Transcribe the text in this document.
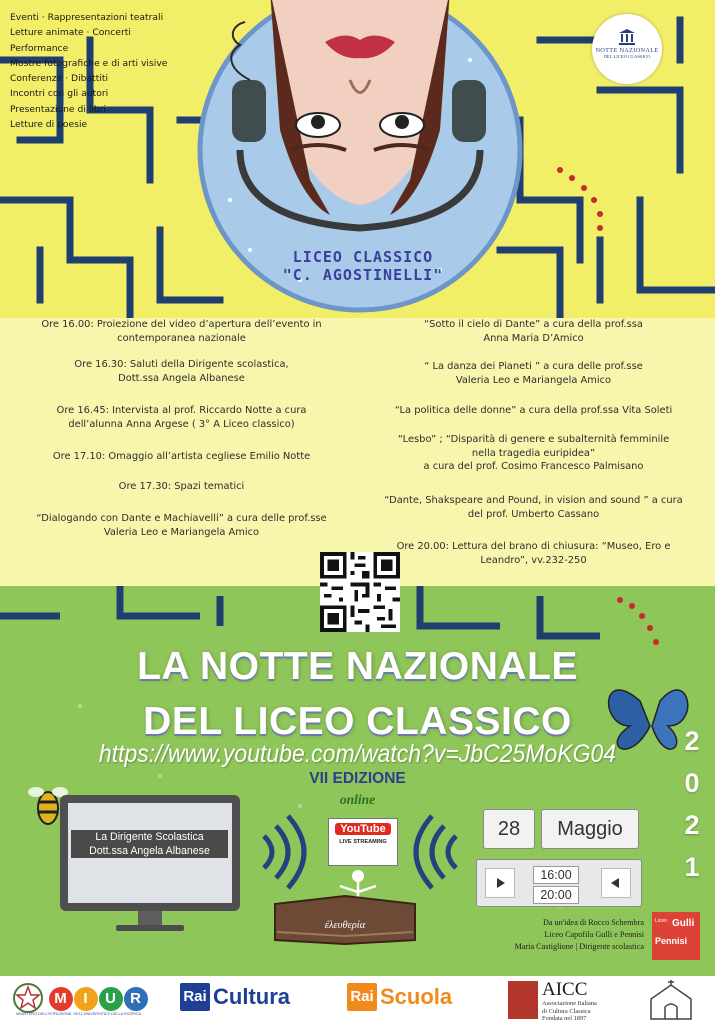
Eventi · Rappresentazioni teatrali
Letture animate · Concerti
Performance
Mostre fotografiche e di arti visive
Conferenze · Dibattiti
Incontri con gli autori
Presentazione di libri
Letture di poesie
NOTTE NAZIONALE
DEL LICEO CLASSICO
LICEO CLASSICO
"C. AGOSTINELLI"
Ore 16.00: Proiezione del video d’apertura dell’evento in
contemporanea nazionale
Ore 16.30: Saluti della Dirigente scolastica,
Dott.ssa Angela Albanese
Ore 16.45: Intervista al prof. Riccardo Notte a cura
dell’alunna Anna Argese ( 3° A Liceo classico)
Ore 17.10: Omaggio all’artista cegliese Emilio Notte
Ore 17.30: Spazi tematici
“Dialogando con Dante e Machiavelli” a cura delle prof.sse
Valeria Leo e Mariangela Amico
“Sotto il cielo di Dante” a cura della prof.ssa
Anna Maria D’Amico
“ La danza dei Pianeti ” a cura delle prof.sse
Valeria Leo e Mariangela Amico
“La politica delle donne” a cura della prof.ssa Vita Soleti
“Lesbo” ; “Disparità di genere e subalternità femminile
nella tragedia euripidea”
a cura del prof. Cosimo Francesco Palmisano
“Dante, Shakspeare and Pound, in vision and sound ” a cura
del prof. Umberto Cassano
Ore 20.00: Lettura del brano di chiusura: “Museo, Ero e
Leandro”, vv.232-250
LA NOTTE NAZIONALE
DEL LICEO CLASSICO
https://www.youtube.com/watch?v=JbC25MoKG04
VII EDIZIONE
online
2
0
2
1
La Dirigente Scolastica
Dott.ssa Angela Albanese
YouTube
LIVE STREAMING
28	Maggio
16:00
20:00
ἐλευθερία	Da un'idea di Rocco Schembra
Liceo Capofila Gulli e Pennisi
Maria Castiglione | Dirigente scolastica
Liceo Gulli
Pennisi
M I U R
MINISTERO DELL'ISTRUZIONE, DELL'UNIVERSITÀ E DELLA RICERCA
Rai Cultura	Rai Scuola	AICC
Associazione Italiana
di Cultura Classica
Fondata nel 1897
